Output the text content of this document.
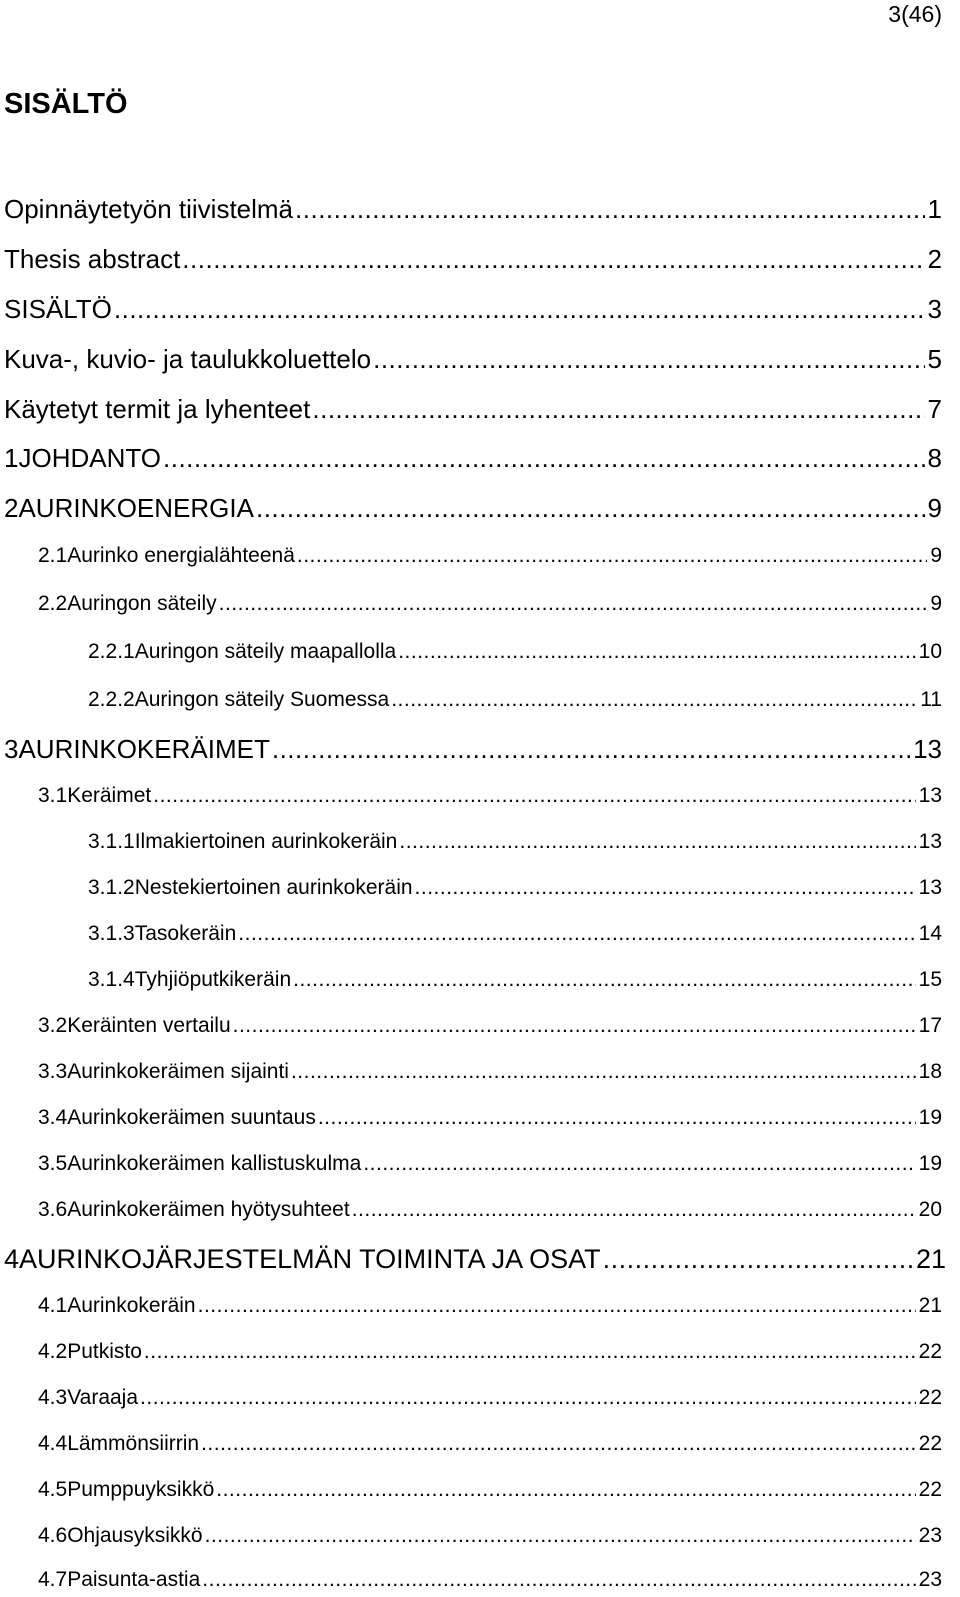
3(46)
SISÄLTÖ
Opinnäytetyön tiivistelmä .....	1
Thesis abstract .....	2
SISÄLTÖ .....	3
Kuva-, kuvio- ja taulukkoluettelo .....	5
Käytetyt termit ja lyhenteet .....	7
1 JOHDANTO .....	8
2 AURINKOENERGIA .....	9
2.1 Aurinko energialähteenä .....	9
2.2 Auringon säteily .....	9
2.2.1 Auringon säteily maapallolla .....	10
2.2.2 Auringon säteily Suomessa .....	11
3 AURINKOKERÄIMET .....	13
3.1 Keräimet .....	13
3.1.1 Ilmakiertoinen aurinkokeräin .....	13
3.1.2 Nestekiertoinen aurinkokeräin .....	13
3.1.3 Tasokeräin .....	14
3.1.4 Tyhjiöputkikeräin .....	15
3.2 Keräinten vertailu .....	17
3.3 Aurinkokeräimen sijainti .....	18
3.4 Aurinkokeräimen suuntaus .....	19
3.5 Aurinkokeräimen kallistuskulma .....	19
3.6 Aurinkokeräimen hyötysuhteet .....	20
4 AURINKOJÄRJESTELMÄN TOIMINTA JA OSAT .....	21
4.1 Aurinkokeräin .....	21
4.2 Putkisto .....	22
4.3 Varaaja .....	22
4.4 Lämmönsiirrin .....	22
4.5 Pumppuyksikkö .....	22
4.6 Ohjausyksikkö .....	23
4.7 Paisunta-astia .....	23
